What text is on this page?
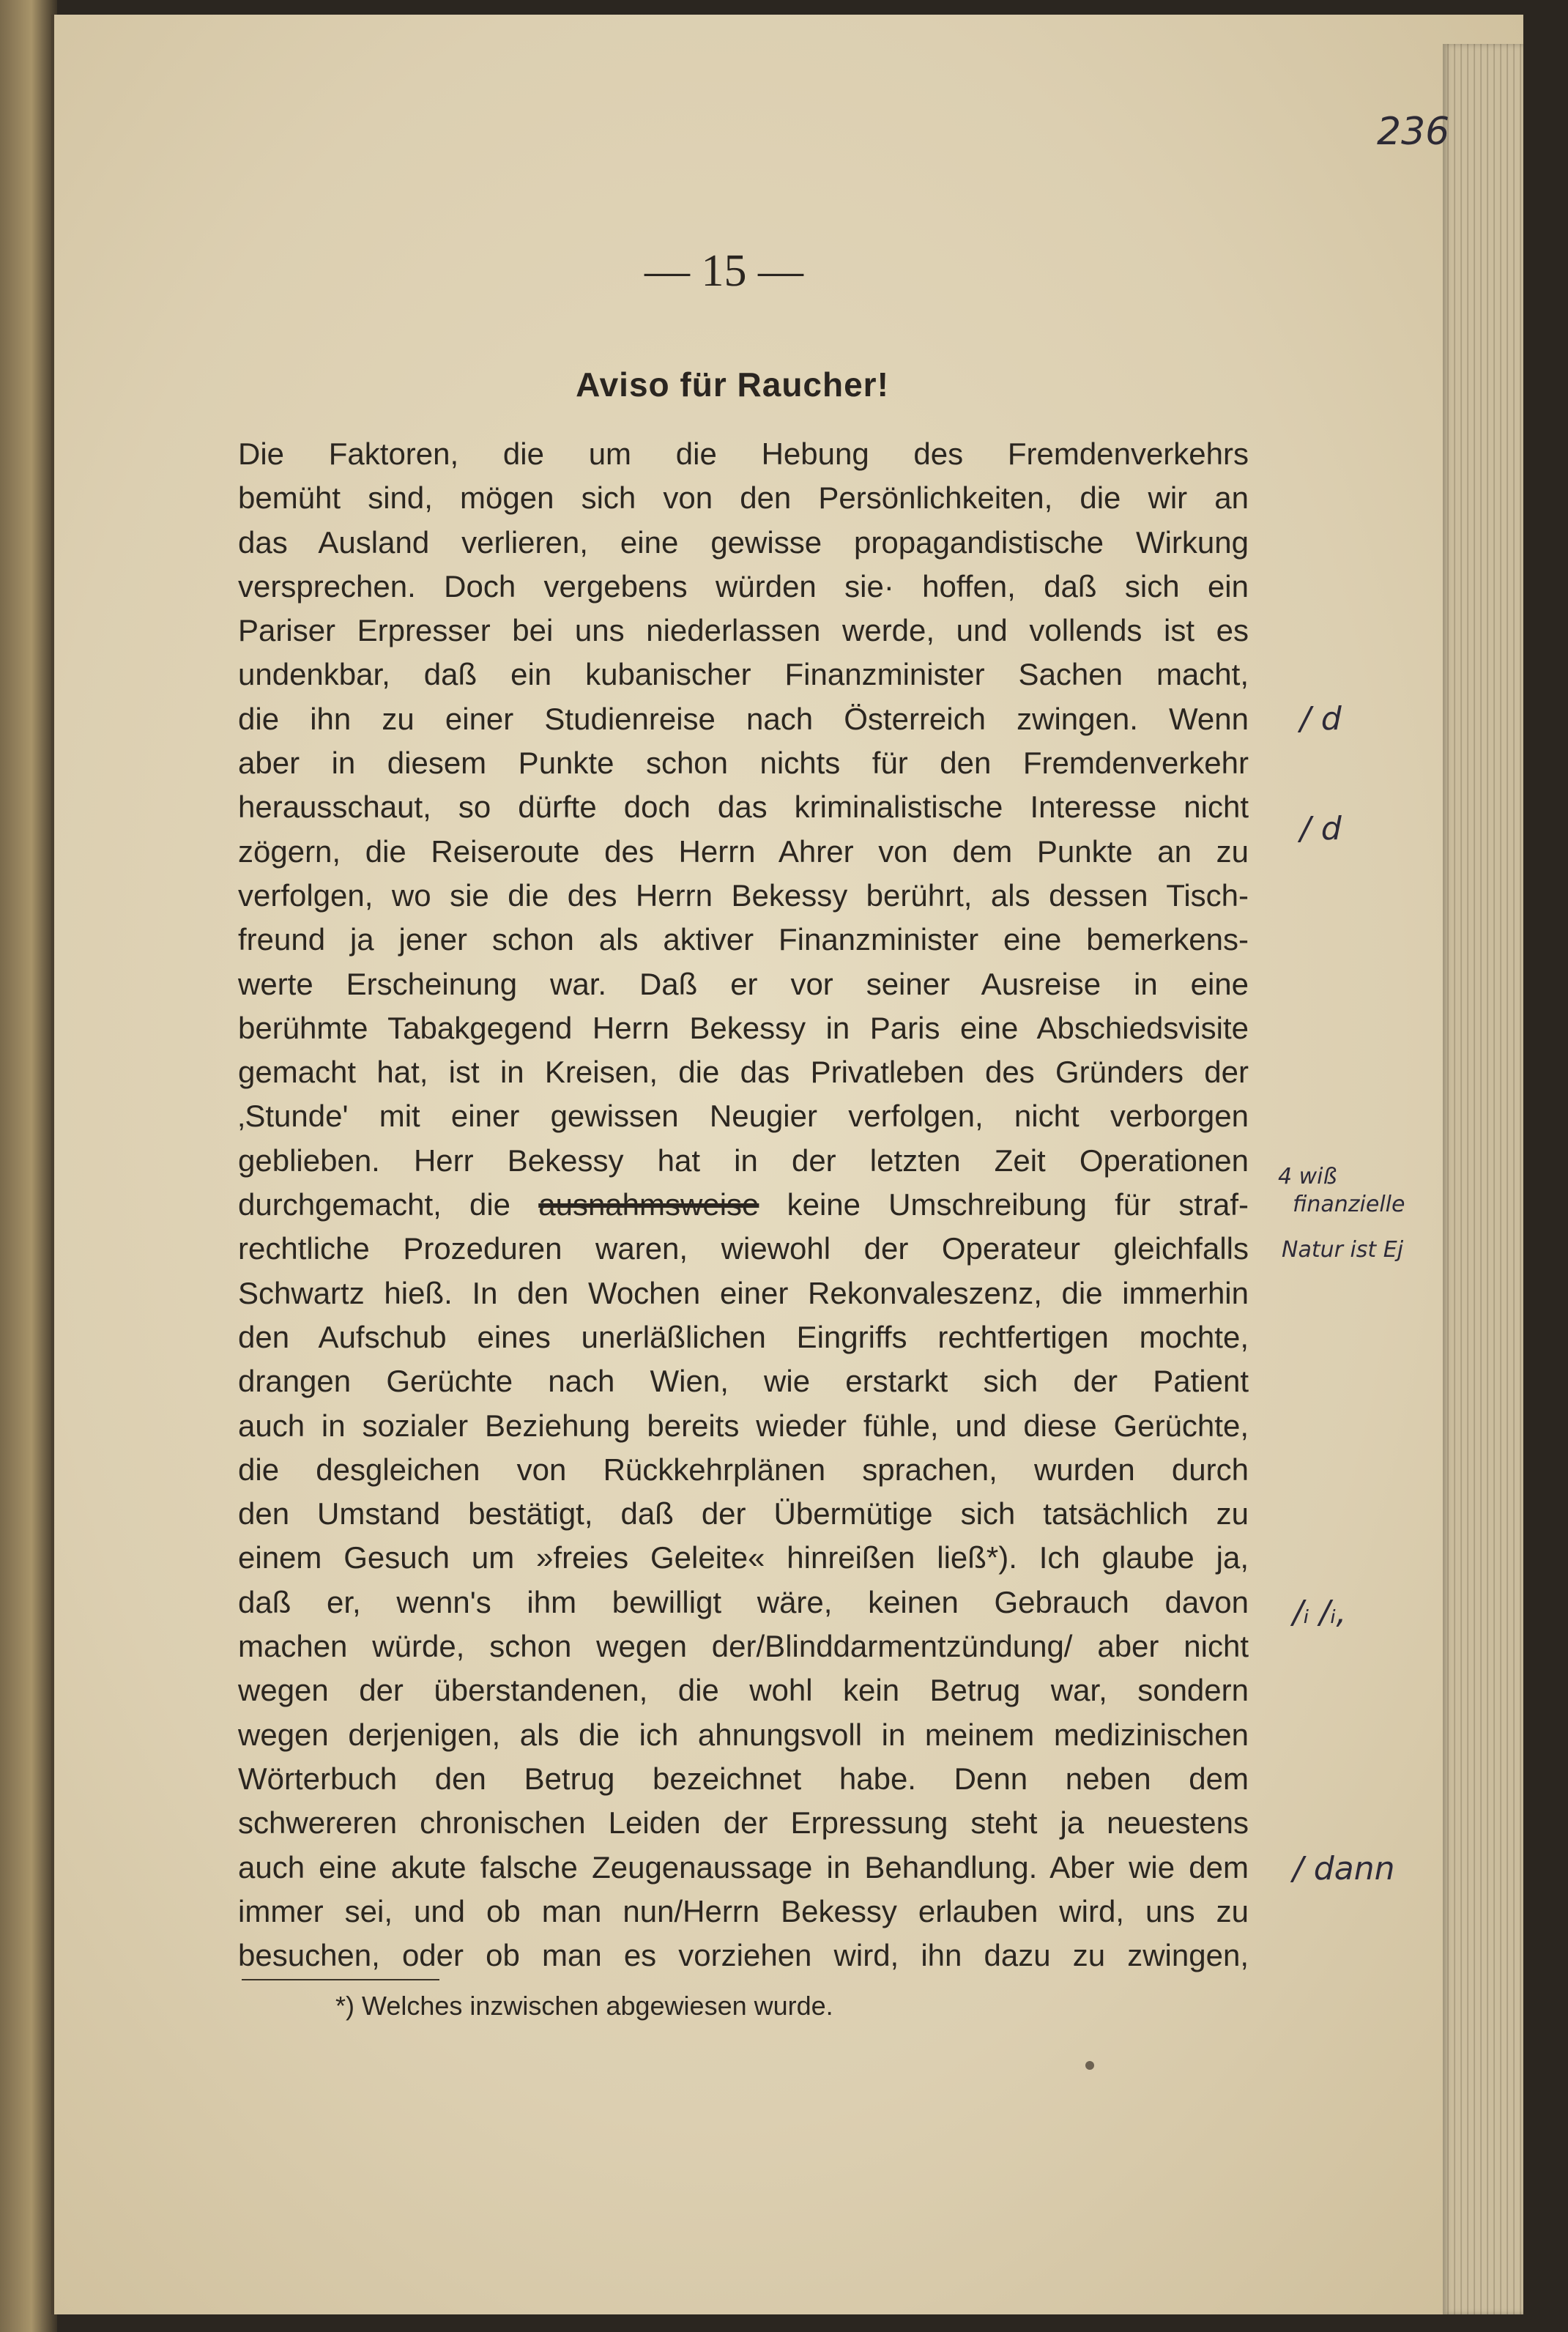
236
— 15 —
Aviso für Raucher!
Die Faktoren, die um die Hebung des Fremdenverkehrs
bemüht sind, mögen sich von den Persönlichkeiten, die wir an
das Ausland verlieren, eine gewisse propagandistische Wirkung
versprechen. Doch vergebens würden sie· hoffen, daß sich ein
Pariser Erpresser bei uns niederlassen werde, und vollends ist es
undenkbar, daß ein kubanischer Finanzminister Sachen macht,
die ihn zu einer Studienreise nach Österreich zwingen. Wenn
aber in diesem Punkte schon nichts für den Fremdenverkehr
herausschaut, so dürfte doch das kriminalistische Interesse nicht
zögern, die Reiseroute des Herrn Ahrer von dem Punkte an zu
verfolgen, wo sie die des Herrn Bekessy berührt, als dessen Tisch-
freund ja jener schon als aktiver Finanzminister eine bemerkens-
werte Erscheinung war. Daß er vor seiner Ausreise in eine
berühmte Tabakgegend Herrn Bekessy in Paris eine Abschiedsvisite
gemacht hat, ist in Kreisen, die das Privatleben des Gründers der
‚Stunde' mit einer gewissen Neugier verfolgen, nicht verborgen
geblieben. Herr Bekessy hat in der letzten Zeit Operationen
durchgemacht, die ausnahmsweise keine Umschreibung für straf-
rechtliche Prozeduren waren, wiewohl der Operateur gleichfalls
Schwartz hieß. In den Wochen einer Rekonvaleszenz, die immerhin
den Aufschub eines unerläßlichen Eingriffs rechtfertigen mochte,
drangen Gerüchte nach Wien, wie erstarkt sich der Patient
auch in sozialer Beziehung bereits wieder fühle, und diese Gerüchte,
die desgleichen von Rückkehrplänen sprachen, wurden durch
den Umstand bestätigt, daß der Übermütige sich tatsächlich zu
einem Gesuch um »freies Geleite« hinreißen ließ*). Ich glaube ja,
daß er, wenn's ihm bewilligt wäre, keinen Gebrauch davon
machen würde, schon wegen der/Blinddarmentzündung/ aber nicht
wegen der überstandenen, die wohl kein Betrug war, sondern
wegen derjenigen, als die ich ahnungsvoll in meinem medizinischen
Wörterbuch den Betrug bezeichnet habe. Denn neben dem
schwereren chronischen Leiden der Erpressung steht ja neuestens
auch eine akute falsche Zeugenaussage in Behandlung. Aber wie dem
immer sei, und ob man nun/Herrn Bekessy erlauben wird, uns zu
besuchen, oder ob man es vorziehen wird, ihn dazu zu zwingen,
*) Welches inzwischen abgewiesen wurde.
/ d
/ d
4 wiß
finanzielle
Natur ist Ej
/ᵢ /ᵢ,
/ dann
